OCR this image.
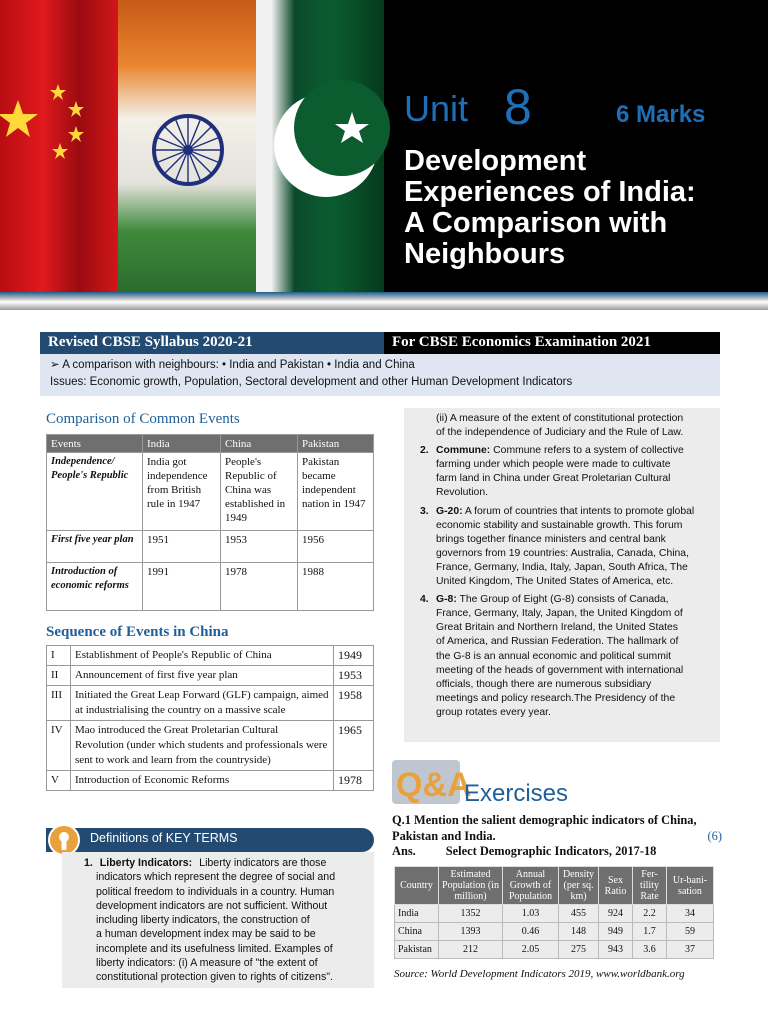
Unit 8	6 Marks
Development
Experiences of India:
A Comparison with
Neighbours
Revised CBSE Syllabus 2020-21	For CBSE Economics Examination 2021
➢ A comparison with neighbours: • India and Pakistan • India and China
Issues: Economic growth, Population, Sectoral development and other Human Development Indicators
Comparison of Common Events
Events	India	China	Pakistan
Independence/ People's Republic	India got independence from British rule in 1947	People's Republic of China was established in 1949	Pakistan became independent nation in 1947
First five year plan	1951	1953	1956
Introduction of economic reforms	1991	1978	1988
Sequence of Events in China
I	Establishment of People's Republic of China	1949
II	Announcement of first five year plan	1953
III	Initiated the Great Leap Forward (GLF) campaign, aimed at industrialising the country on a massive scale	1958
IV	Mao introduced the Great Proletarian Cultural Revolution (under which students and professionals were sent to work and learn from the countryside)	1965
V	Introduction of Economic Reforms	1978
Definitions of KEY TERMS
1. Liberty Indicators: Liberty indicators are those
indicators which represent the degree of social and
political freedom to individuals in a country. Human
development indicators are not sufficient. Without
including liberty indicators, the construction of
a human development index may be said to be
incomplete and its usefulness limited. Examples of
liberty indicators: (i) A measure of "the extent of
constitutional protection given to rights of citizens".
(ii) A measure of the extent of constitutional protection
of the independence of Judiciary and the Rule of Law.
2. Commune: Commune refers to a system of collective
farming under which people were made to cultivate
farm land in China under Great Proletarian Cultural
Revolution.
3. G-20: A forum of countries that intents to promote global
economic stability and sustainable growth. This forum
brings together finance ministers and central bank
governors from 19 countries: Australia, Canada, China,
France, Germany, India, Italy, Japan, South Africa, The
United Kingdom, The United States of America, etc.
4. G-8: The Group of Eight (G-8) consists of Canada,
France, Germany, Italy, Japan, the United Kingdom of
Great Britain and Northern Ireland, the United States
of America, and Russian Federation. The hallmark of
the G-8 is an annual economic and political summit
meeting of the heads of government with international
officials, though there are numerous subsidiary
meetings and policy research.The Presidency of the
group rotates every year.
Q&A
Exercises
Q.1 Mention the salient demographic indicators of China,
Pakistan and India.	(6)
Ans. Select Demographic Indicators, 2017-18
Country	Estimated Population (in million)	Annual Growth of Population	Density (per sq. km)	Sex Ratio	Fer-tility Rate	Ur-bani-sation
India	1352	1.03	455	924	2.2	34
China	1393	0.46	148	949	1.7	59
Pakistan	212	2.05	275	943	3.6	37
Source: World Development Indicators 2019, www.worldbank.org
